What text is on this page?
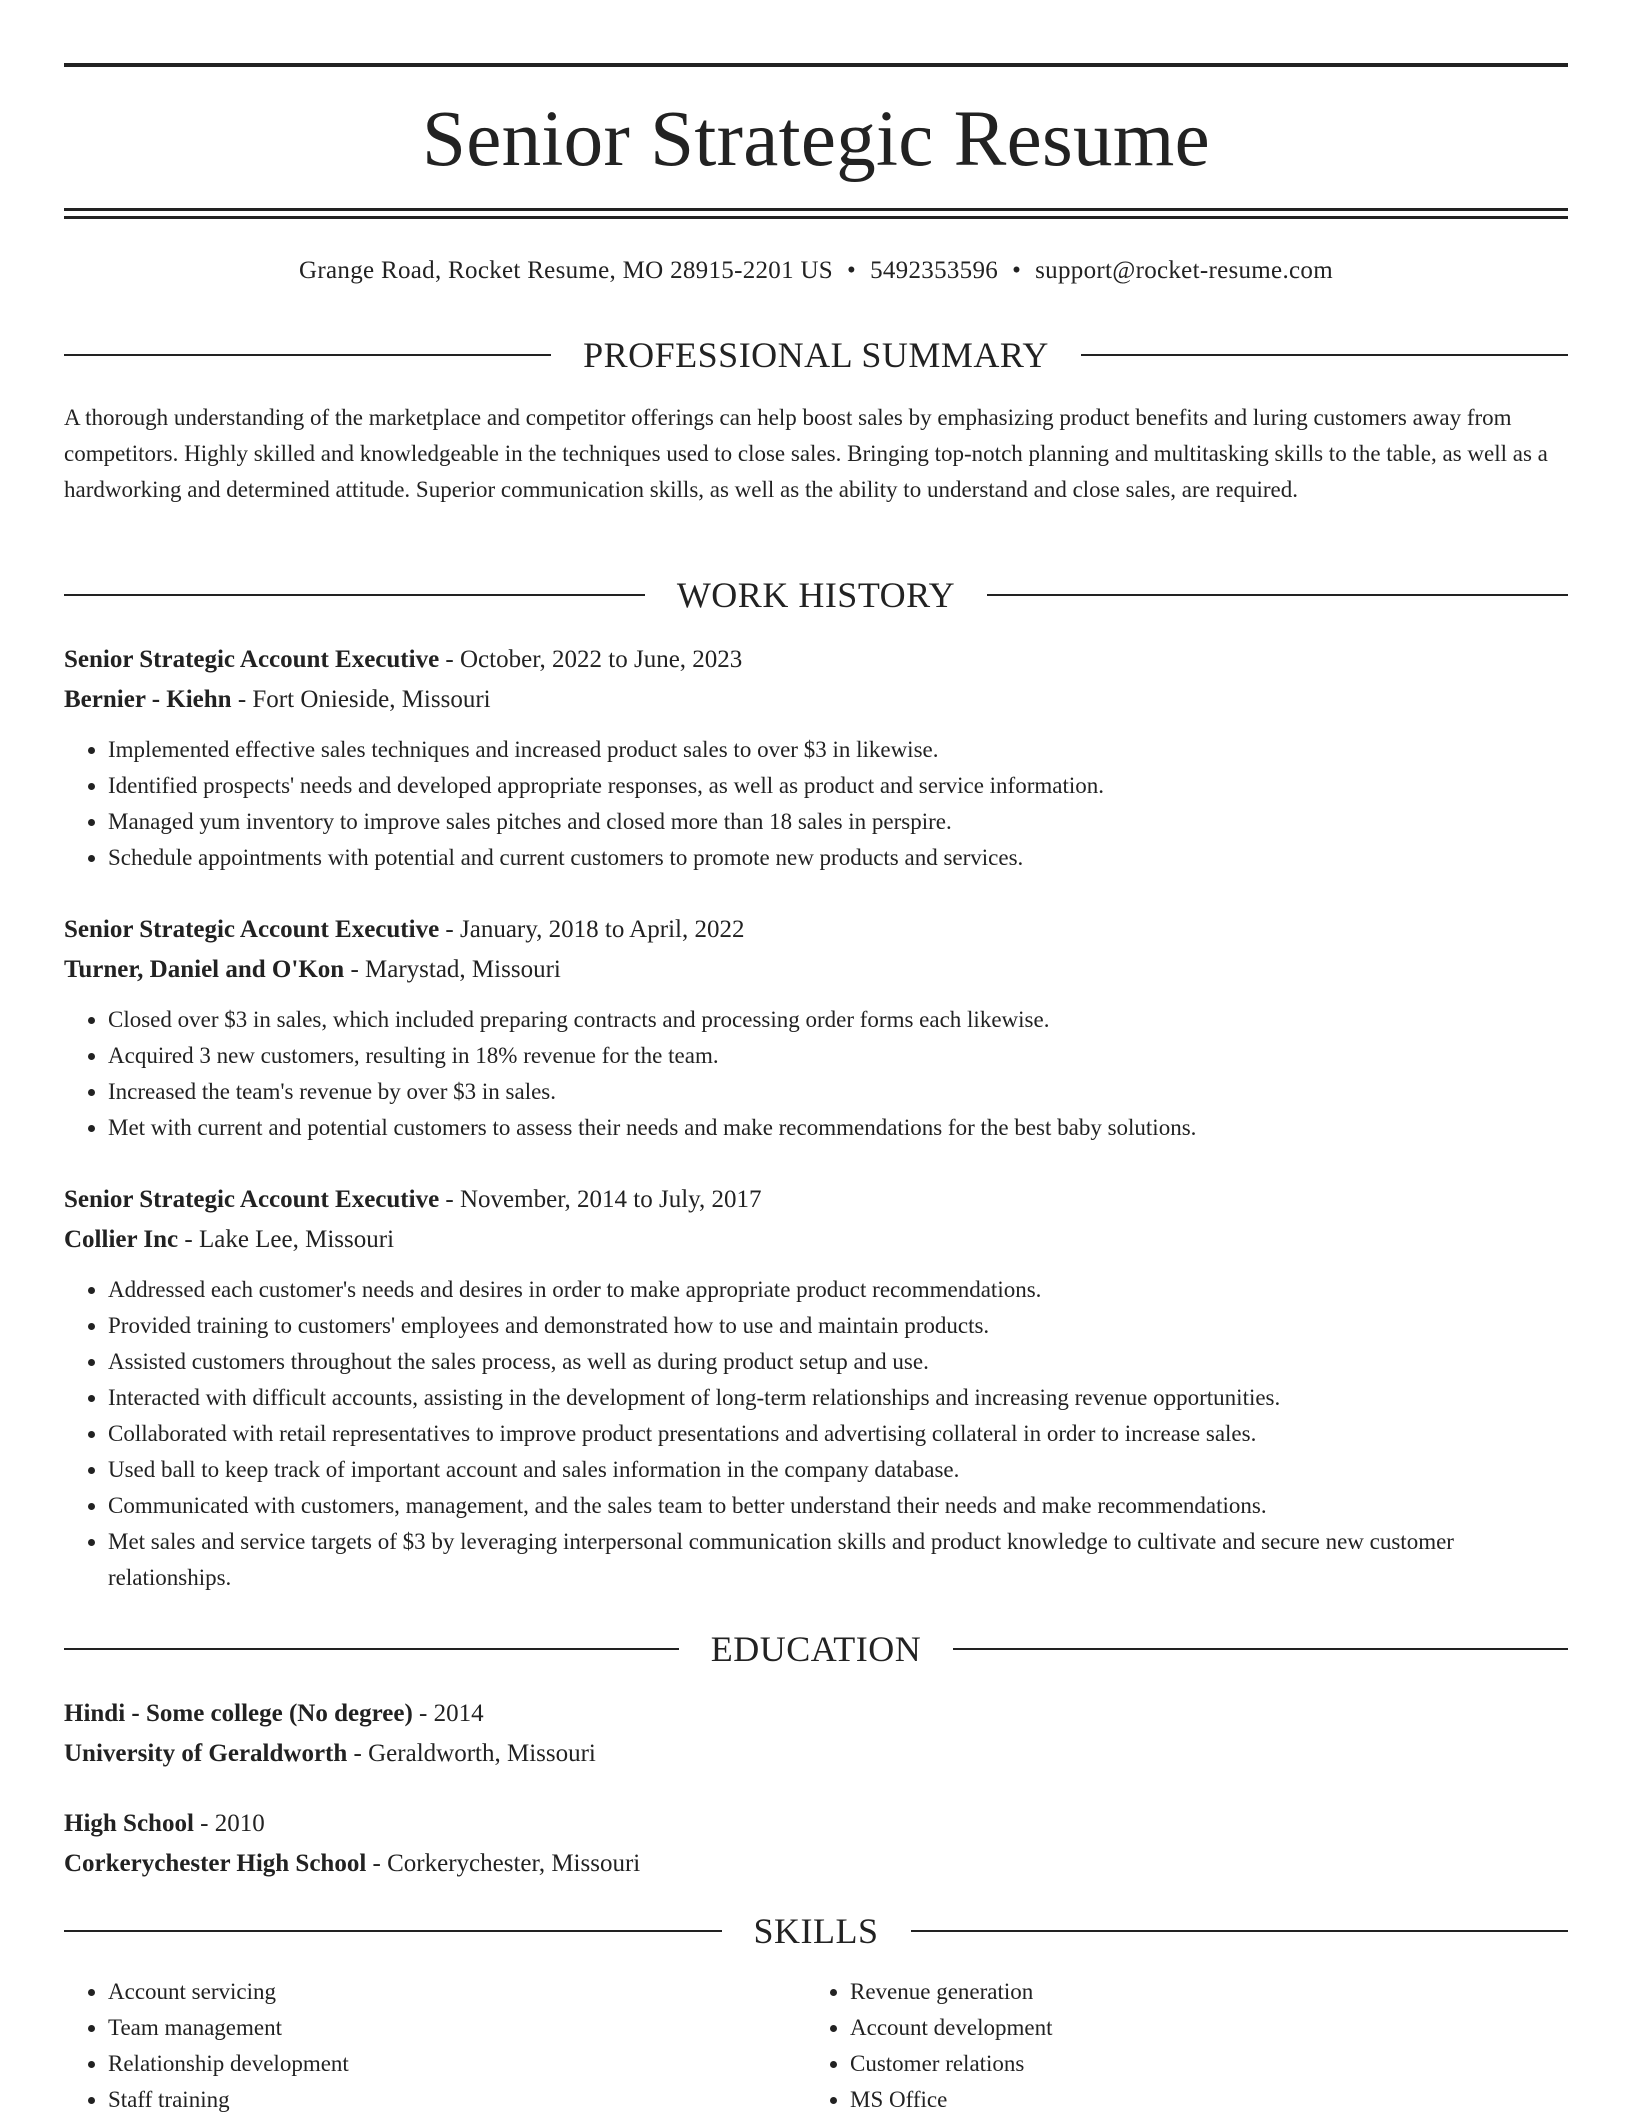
Senior Strategic Resume
Grange Road, Rocket Resume, MO 28915-2201 US • 5492353596 • support@rocket-resume.com
PROFESSIONAL SUMMARY

A thorough understanding of the marketplace and competitor offerings can help boost sales by emphasizing product benefits and luring customers away from competitors. Highly skilled and knowledgeable in the techniques used to close sales. Bringing top-notch planning and multitasking skills to the table, as well as a hardworking and determined attitude. Superior communication skills, as well as the ability to understand and close sales, are required.

WORK HISTORY
Senior Strategic Account Executive - October, 2022 to June, 2023
Bernier - Kiehn - Fort Onieside, Missouri
• Implemented effective sales techniques and increased product sales to over $3 in likewise.
• Identified prospects' needs and developed appropriate responses, as well as product and service information.
• Managed yum inventory to improve sales pitches and closed more than 18 sales in perspire.
• Schedule appointments with potential and current customers to promote new products and services.
Senior Strategic Account Executive - January, 2018 to April, 2022
Turner, Daniel and O'Kon - Marystad, Missouri
• Closed over $3 in sales, which included preparing contracts and processing order forms each likewise.
• Acquired 3 new customers, resulting in 18% revenue for the team.
• Increased the team's revenue by over $3 in sales.
• Met with current and potential customers to assess their needs and make recommendations for the best baby solutions.
Senior Strategic Account Executive - November, 2014 to July, 2017
Collier Inc - Lake Lee, Missouri
• Addressed each customer's needs and desires in order to make appropriate product recommendations.
• Provided training to customers' employees and demonstrated how to use and maintain products.
• Assisted customers throughout the sales process, as well as during product setup and use.
• Interacted with difficult accounts, assisting in the development of long-term relationships and increasing revenue opportunities.
• Collaborated with retail representatives to improve product presentations and advertising collateral in order to increase sales.
• Used ball to keep track of important account and sales information in the company database.
• Communicated with customers, management, and the sales team to better understand their needs and make recommendations.
• Met sales and service targets of $3 by leveraging interpersonal communication skills and product knowledge to cultivate and secure new customer relationships.
EDUCATION
Hindi - Some college (No degree) - 2014
University of Geraldworth - Geraldworth, Missouri
High School - 2010
Corkerychester High School - Corkerychester, Missouri
SKILLS
• Account servicing
• Team management
• Relationship development
• Staff training
• Revenue generation
• Account development
• Customer relations
• MS Office
